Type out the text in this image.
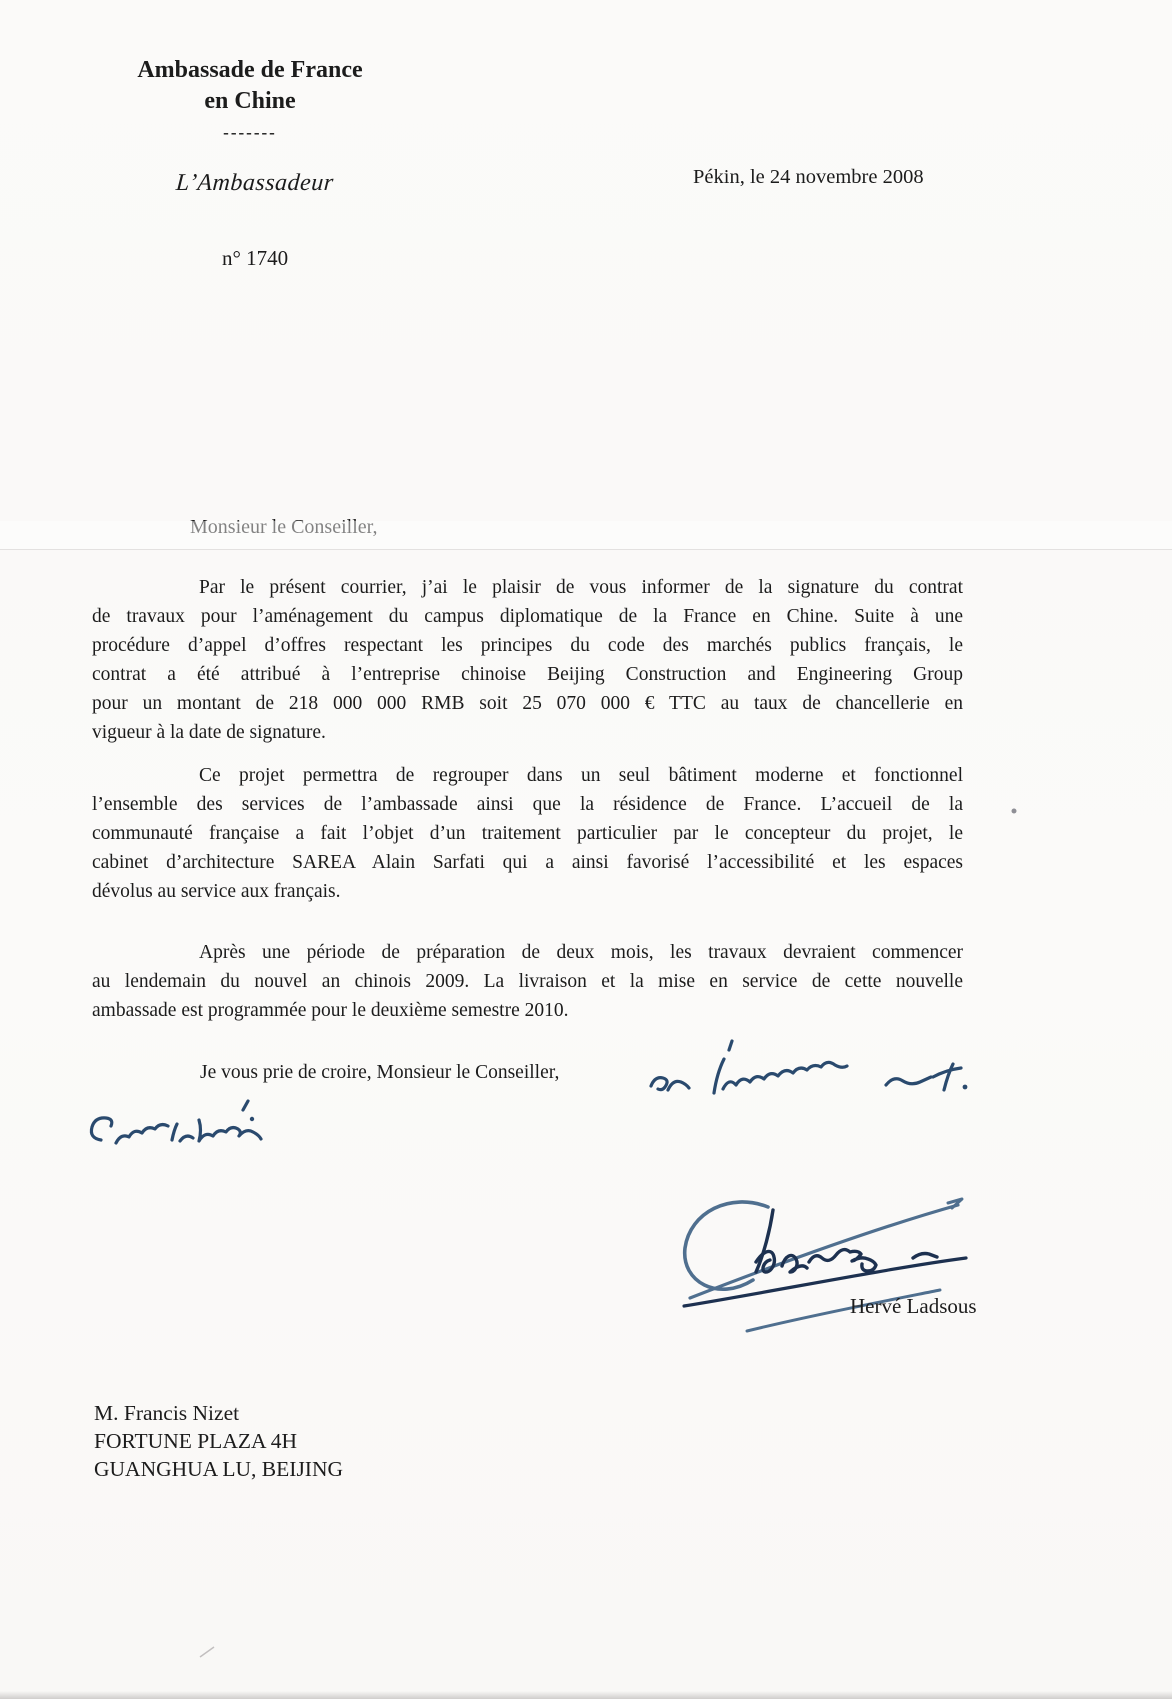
Ambassade de France
en Chine
-------
L’Ambassadeur
n° 1740
Pékin, le 24 novembre 2008
Monsieur le Conseiller,
Par le présent courrier, j’ai le plaisir de vous informer de la signature du contrat
de travaux pour l’aménagement du campus diplomatique de la France en Chine. Suite à une
procédure d’appel d’offres respectant les principes du code des marchés publics français, le
contrat a été attribué à l’entreprise chinoise Beijing Construction and Engineering Group
pour un montant de 218 000 000 RMB soit 25 070 000 € TTC au taux de chancellerie en
vigueur à la date de signature.
Ce projet permettra de regrouper dans un seul bâtiment moderne et fonctionnel
l’ensemble des services de l’ambassade ainsi que la résidence de France. L’accueil de la
communauté française a fait l’objet d’un traitement particulier par le concepteur du projet, le
cabinet d’architecture SAREA Alain Sarfati qui a ainsi favorisé l’accessibilité et les espaces
dévolus au service aux français.
Après une période de préparation de deux mois, les travaux devraient commencer
au lendemain du nouvel an chinois 2009. La livraison et la mise en service de cette nouvelle
ambassade est programmée pour le deuxième semestre 2010.
Je vous prie de croire, Monsieur le Conseiller,
Hervé Ladsous
M. Francis Nizet
FORTUNE PLAZA 4H
GUANGHUA LU, BEIJING
